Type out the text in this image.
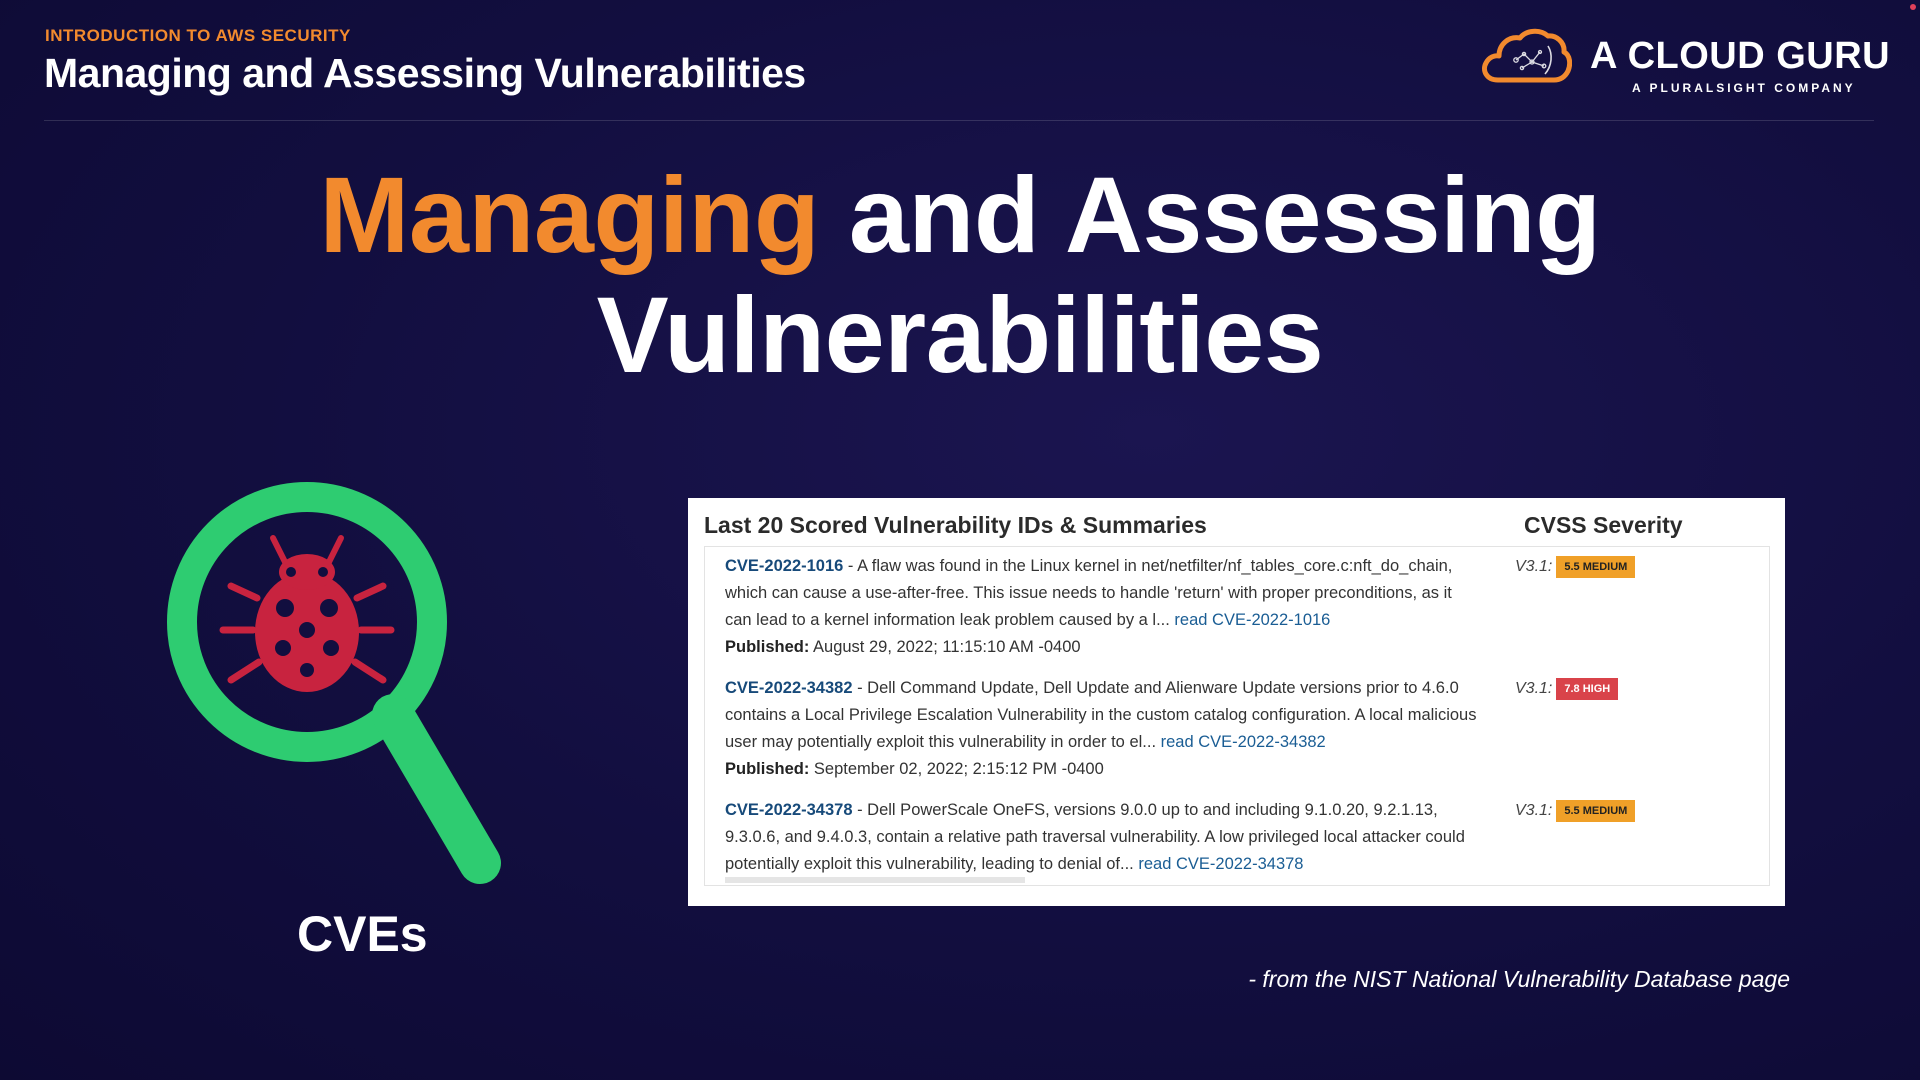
INTRODUCTION TO AWS SECURITY
Managing and Assessing Vulnerabilities	A CLOUD GURU
A PLURALSIGHT COMPANY
Managing and Assessing
Vulnerabilities
CVEs
Last 20 Scored Vulnerability IDs & Summaries	CVSS Severity
CVE-2022-1016 - A flaw was found in the Linux kernel in net/netfilter/nf_tables_core.c:nft_do_chain, which can cause a use-after-free. This issue needs to handle 'return' with proper preconditions, as it can lead to a kernel information leak problem caused by a l... read CVE-2022-1016
Published: August 29, 2022; 11:15:10 AM -0400
V3.1: 5.5 MEDIUM
CVE-2022-34382 - Dell Command Update, Dell Update and Alienware Update versions prior to 4.6.0 contains a Local Privilege Escalation Vulnerability in the custom catalog configuration. A local malicious user may potentially exploit this vulnerability in order to el... read CVE-2022-34382
Published: September 02, 2022; 2:15:12 PM -0400
V3.1: 7.8 HIGH
CVE-2022-34378 - Dell PowerScale OneFS, versions 9.0.0 up to and including 9.1.0.20, 9.2.1.13, 9.3.0.6, and 9.4.0.3, contain a relative path traversal vulnerability. A low privileged local attacker could potentially exploit this vulnerability, leading to denial of... read CVE-2022-34378
V3.1: 5.5 MEDIUM
- from the NIST National Vulnerability Database page
